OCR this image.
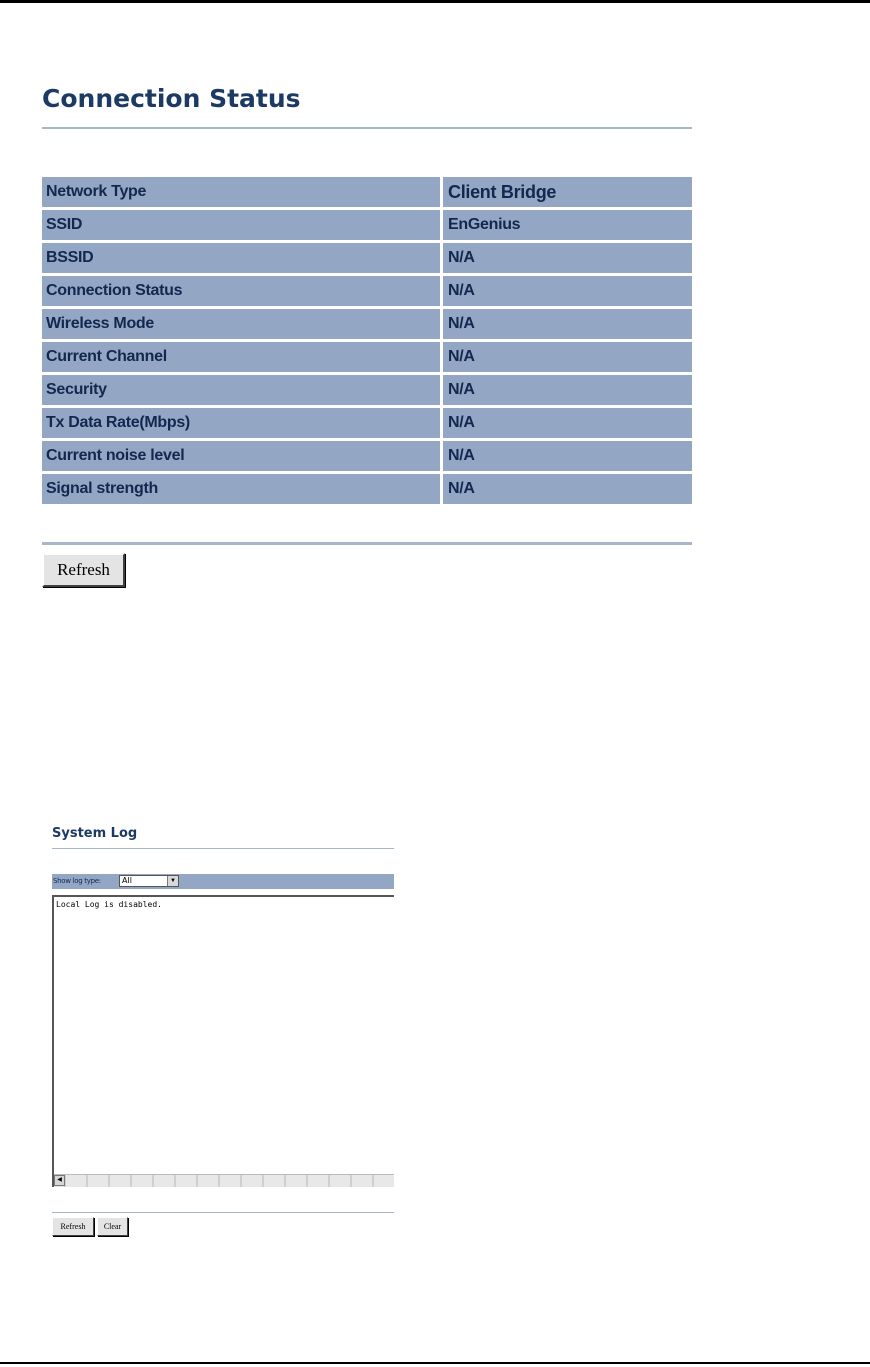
Connection Status
Network Type	Client Bridge
SSID	EnGenius
BSSID	N/A
Connection Status	N/A
Wireless Mode	N/A
Current Channel	N/A
Security	N/A
Tx Data Rate(Mbps)	N/A
Current noise level	N/A
Signal strength	N/A
Refresh
System Log
Show log type:	All	▼
Local Log is disabled.
◀
Refresh	Clear
